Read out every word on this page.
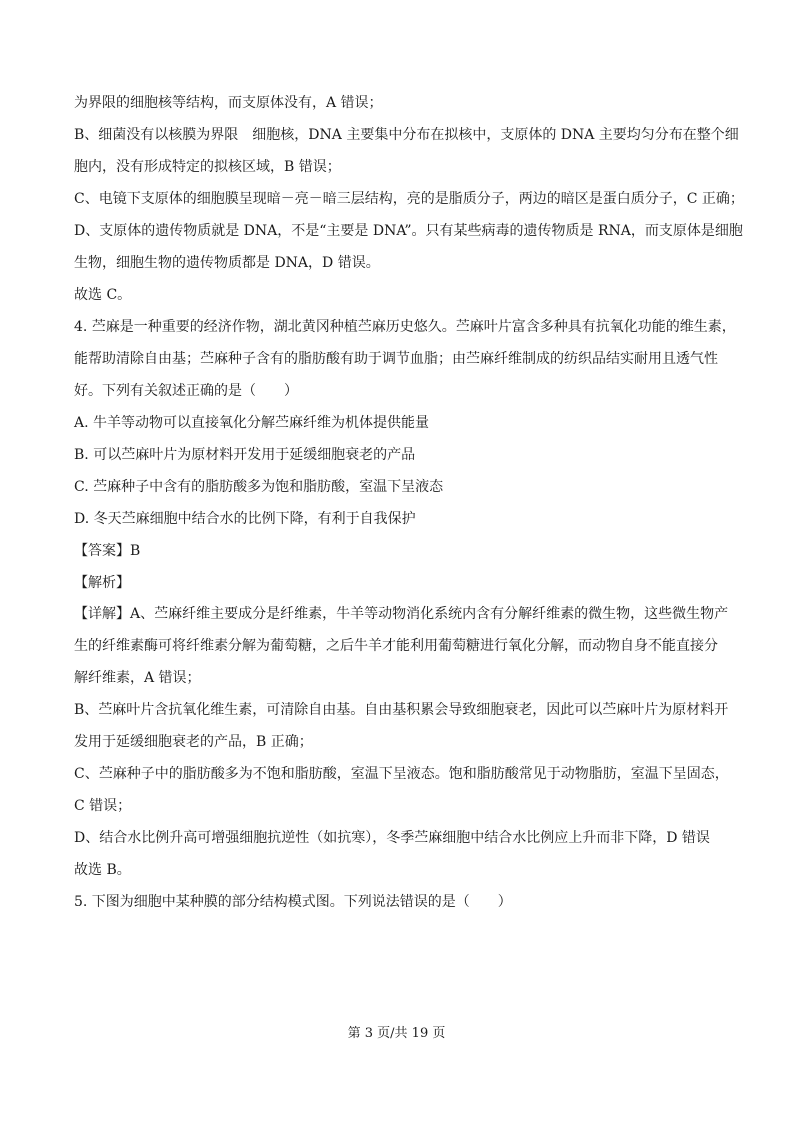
为界限的细胞核等结构，而支原体没有，A 错误；
B、细菌没有以核膜为界限　细胞核，DNA 主要集中分布在拟核中，支原体的 DNA 主要均匀分布在整个细
胞内，没有形成特定的拟核区域，B 错误；
C、电镜下支原体的细胞膜呈现暗－亮－暗三层结构，亮的是脂质分子，两边的暗区是蛋白质分子，C 正确；
D、支原体的遗传物质就是 DNA，不是“主要是 DNA”。只有某些病毒的遗传物质是 RNA，而支原体是细胞
生物，细胞生物的遗传物质都是 DNA，D 错误。
故选 C。
4. 苎麻是一种重要的经济作物，湖北黄冈种植苎麻历史悠久。苎麻叶片富含多种具有抗氧化功能的维生素，
能帮助清除自由基；苎麻种子含有的脂肪酸有助于调节血脂；由苎麻纤维制成的纺织品结实耐用且透气性
好。下列有关叙述正确的是（　　）
A. 牛羊等动物可以直接氧化分解苎麻纤维为机体提供能量
B. 可以苎麻叶片为原材料开发用于延缓细胞衰老的产品
C. 苎麻种子中含有的脂肪酸多为饱和脂肪酸，室温下呈液态
D. 冬天苎麻细胞中结合水的比例下降，有利于自我保护
【答案】B
【解析】
【详解】A、苎麻纤维主要成分是纤维素，牛羊等动物消化系统内含有分解纤维素的微生物，这些微生物产
生的纤维素酶可将纤维素分解为葡萄糖，之后牛羊才能利用葡萄糖进行氧化分解，而动物自身不能直接分
解纤维素，A 错误；
B、苎麻叶片含抗氧化维生素，可清除自由基。自由基积累会导致细胞衰老，因此可以苎麻叶片为原材料开
发用于延缓细胞衰老的产品，B 正确；
C、苎麻种子中的脂肪酸多为不饱和脂肪酸，室温下呈液态。饱和脂肪酸常见于动物脂肪，室温下呈固态，
C 错误；
D、结合水比例升高可增强细胞抗逆性（如抗寒），冬季苎麻细胞中结合水比例应上升而非下降，D 错误
故选 B。
5. 下图为细胞中某种膜的部分结构模式图。下列说法错误的是（　　）
第 3 页/共 19 页
